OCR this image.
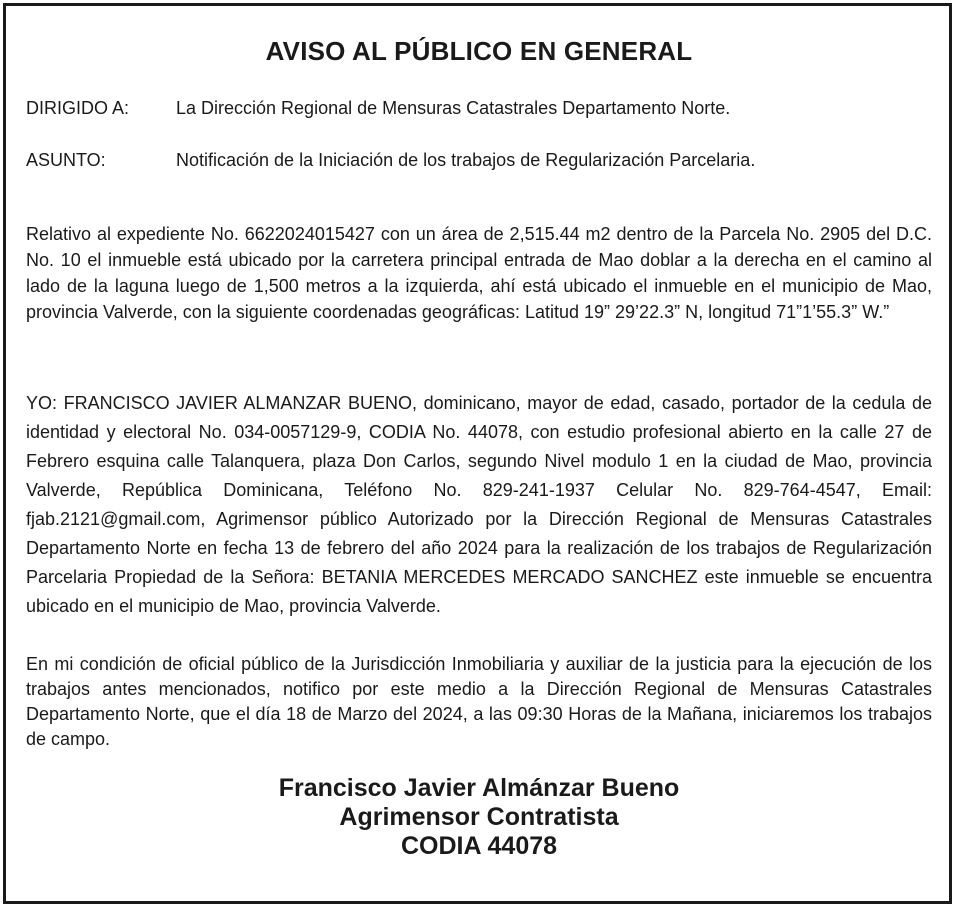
AVISO AL PÚBLICO EN GENERAL
DIRIGIDO A:	La Dirección Regional de Mensuras Catastrales Departamento Norte.
ASUNTO:	Notificación de la Iniciación de los trabajos de Regularización Parcelaria.
Relativo al expediente No. 6622024015427 con un área de 2,515.44 m2 dentro de la Parcela No. 2905 del D.C. No. 10 el inmueble está ubicado por la carretera principal entrada de Mao doblar a la derecha en el camino al lado de la laguna luego de 1,500 metros a la izquierda, ahí está ubicado el inmueble en el municipio de Mao, provincia Valverde, con la siguiente coordenadas geográficas: Latitud 19” 29’22.3” N, longitud 71”1’55.3” W.”
YO: FRANCISCO JAVIER ALMANZAR BUENO, dominicano, mayor de edad, casado, portador de la cedula de identidad y electoral No. 034-0057129-9, CODIA No. 44078, con estudio profesional abierto en la calle 27 de Febrero esquina calle Talanquera, plaza Don Carlos, segundo Nivel modulo 1 en la ciudad de Mao, provincia Valverde, República Dominicana, Teléfono No. 829-241-1937 Celular No. 829-764-4547, Email: fjab.2121@gmail.com, Agrimensor público Autorizado por la Dirección Regional de Mensuras Catastrales Departamento Norte en fecha 13 de febrero del año 2024 para la realización de los trabajos de Regularización Parcelaria Propiedad de la Señora: BETANIA MERCEDES MERCADO SANCHEZ este inmueble se encuentra ubicado en el municipio de Mao, provincia Valverde.
En mi condición de oficial público de la Jurisdicción Inmobiliaria y auxiliar de la justicia para la ejecución de los trabajos antes mencionados, notifico por este medio a la Dirección Regional de Mensuras Catastrales Departamento Norte, que el día 18 de Marzo del 2024, a las 09:30 Horas de la Mañana, iniciaremos los trabajos de campo.
Francisco Javier Almánzar Bueno
Agrimensor Contratista
CODIA 44078
